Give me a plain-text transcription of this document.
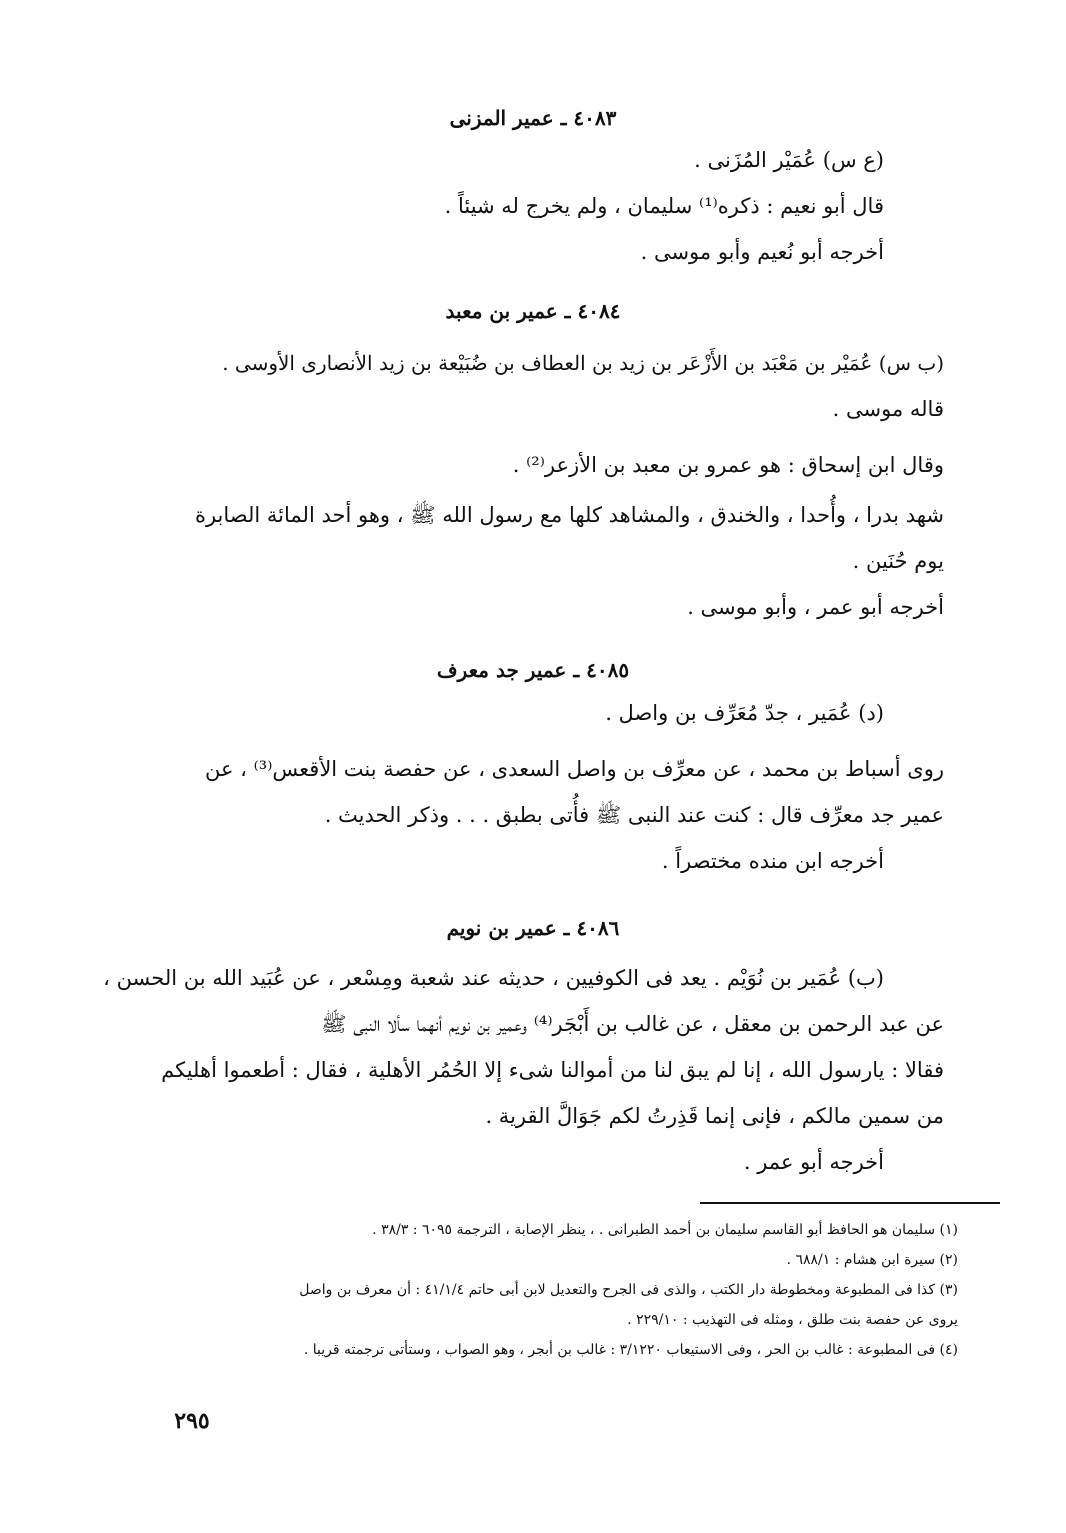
٤٠٨٣ ـ عمير المزنى
(ع س) عُمَيْر المُزَنى .
قال أبو نعيم : ذكره⁽¹⁾ سليمان ، ولم يخرج له شيئاً .
أخرجه أبو نُعيم وأبو موسى .
٤٠٨٤ ـ عمير بن معبد
(ب س) عُمَيْر بن مَعْبَد بن الأَزْعَر بن زيد بن العطاف بن ضُبَيْعة بن زيد الأنصارى الأوسى .
قاله موسى .
وقال ابن إسحاق : هو عمرو بن معبد بن الأزعر⁽²⁾ .
شهد بدرا ، وأُحدا ، والخندق ، والمشاهد كلها مع رسول الله ﷺ ، وهو أحد المائة الصابرة
يوم حُنَين .
أخرجه أبو عمر ، وأبو موسى .
٤٠٨٥ ـ عمير جد معرف
(د) عُمَير ، جدّ مُعَرِّف بن واصل .
روى أسباط بن محمد ، عن معرِّف بن واصل السعدى ، عن حفصة بنت الأقعس⁽³⁾ ، عن
عمير جد معرِّف قال : كنت عند النبى ﷺ فأُتى بطبق . . . وذكر الحديث .
أخرجه ابن منده مختصراً .
٤٠٨٦ ـ عمير بن نويم
(ب) عُمَير بن نُوَيْم . يعد فى الكوفيين ، حديثه عند شعبة ومِسْعر ، عن عُبَيد الله بن الحسن ،
عن عبد الرحمن بن معقل ، عن غالب بن أَبْجَر⁽⁴⁾ وعمير بن نويم أنهما سألا النبى ﷺ
فقالا : يارسول الله ، إنا لم يبق لنا من أموالنا شىء إلا الحُمُر الأهلية ، فقال : أطعموا أهليكم
من سمين مالكم ، فإنى إنما قَذِرتُ لكم جَوَالَّ القرية .
أخرجه أبو عمر .
(١) سليمان هو الحافظ أبو القاسم سليمان بن أحمد الطبرانى . ، ينظر الإصابة ، الترجمة ٦٠٩٥ : ٣٨/٣ .
(٢) سيرة ابن هشام : ٦٨٨/١ .
(٣) كذا فى المطبوعة ومخطوطة دار الكتب ، والذى فى الجرح والتعديل لابن أبى حاتم ٤١/١/٤ : أن معرف بن واصل
يروى عن حفصة بنت طلق ، ومثله فى التهذيب : ٢٢٩/١٠ .
(٤) فى المطبوعة : غالب بن الحر ، وفى الاستيعاب ٣/١٢٢٠ : غالب بن أبجر ، وهو الصواب ، وستأتى ترجمته قريبا .
٢٩٥
